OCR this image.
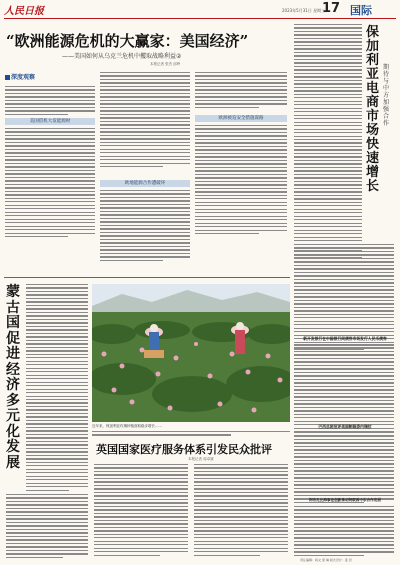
人民日报	2023年5月31日 星期三
17 国际
“欧洲能源危机的大赢家：美国经济”
——美国如何从乌克兰危机中攫取战略利益②
本报记者 张杰 邱岭
深度观察
美国借机大发能源财
欧地能源合作遭破坏
欧洲被迫安全措施谋路
保加利亚电商市场快速增长
期待与中方加强合作
新开发银行在中国银行间债券市场发行人民币债券
巴西总统批评美国制裁委内瑞拉
阿布扎比海事业创新推动阿联酋中东合作发展
蒙古国促进经济多元化发展
近年来，保加利亚玫瑰种植面积稳步增长……
英国国家医疗服务体系引发民众批评
本报记者 周卓斌
责任编辑：杨文 庞 琳 版式设计：姜 辰
